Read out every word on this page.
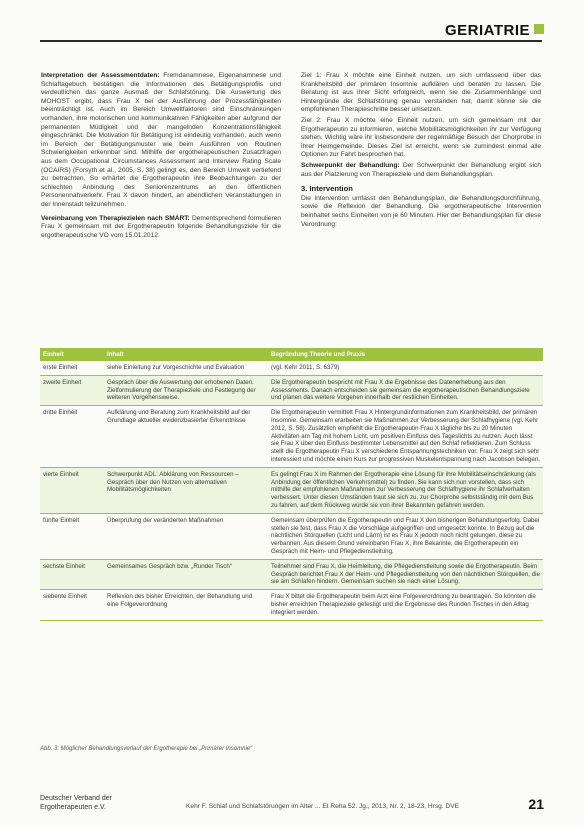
GERIATRIE

Interpretation der Assessmentdaten: Fremdanamnese, Eigenanamnese und Schlaftagebuch bestätigen die Informationen des Betätigungsprofils und verdeutlichen das ganze Ausmaß der Schlafstörung. Die Auswertung des MOHOST ergibt, dass Frau X bei der Ausführung der Prozessfähigkeiten beeinträchtigt ist. Auch im Bereich Umweltfaktoren sind Einschränkungen vorhanden, ihre motorischen und kommunikativen Fähigkeiten aber aufgrund der permanenten Müdigkeit und der mangelnden Konzentrationsfähigkeit eingeschränkt. Die Motivation für Betätigung ist eindeutig vorhanden, auch wenn im Bereich der Betätigungsmuster wie beim Ausführen von Routinen Schwierigkeiten erkennbar sind. Mithilfe der ergotherapeutischen Zusatzfragen aus dem Occupational Circumstances Assessment and Interview Rating Scale (OCAIRS) (Forsyth et al., 2005, S. 38) gelingt es, den Bereich Umwelt vertiefend zu betrachten. So erhärtet die Ergotherapeutin ihre Beobachtungen zu der schlechten Anbindung des Seniorenzentrums an den öffentlichen Personennahverkehr. Frau X davon hindert, an abendlichen Veranstaltungen in der Innenstadt teilzunehmen.

Vereinbarung von Therapiezielen nach SMART: Dementsprechend formulieren Frau X gemeinsam mit der Ergotherapeutin folgende Behandlungsziele für die ergotherapeutische VO vom 15.01.2012:

Ziel 1: Frau X möchte eine Einheit nutzen, um sich umfassend über das Krankheitsbild der primären Insomnie aufklären und beraten zu lassen. Die Beratung ist aus ihrer Sicht erfolgreich, wenn sie die Zusammenhänge und Hintergründe der Schlafstörung genau verstanden hat, damit könne sie die empfohlenen Therapieschritte besser umsetzen.

Ziel 2: Frau X möchte eine Einheit nutzen, um sich gemeinsam mit der Ergotherapeutin zu informieren, welche Mobilitätsmöglichkeiten ihr zur Verfügung stehen. Wichtig wäre ihr insbesondere der regelmäßige Besuch der Chorprobe in ihrer Heimgemeinde. Dieses Ziel ist erreicht, wenn sie zumindest einmal alle Optionen zur Fahrt besprochen hat.

Schwerpunkt der Behandlung: Der Schwerpunkt der Behandlung ergibt sich aus der Platzierung von Therapieziele und dem Behandlungsplan.

3. Intervention

Die Intervention umfasst den Behandlungsplan, die Behandlungsdurchführung, sowie die Reflexion der Behandlung. Die ergotherapeutische Intervention beinhaltet sechs Einheiten von je 60 Minuten. Hier der Behandlungsplan für diese Verordnung:

Einheit	Inhalt	Begründung Theorie und Praxis
erste Einheit	siehe Einleitung zur Vorgeschichte und Evaluation	(vgl. Kehr 2011, S. 6379)
zweite Einheit	Gespräch über die Auswertung der erhobenen Daten. Zielformulierung der Therapieziele und Festlegung der weiteren Vorgehensweise.	Die Ergotherapeutin bespricht mit Frau X die Ergebnisse des Datenerhebung aus den Assessments. Danach entscheiden sie gemeinsam die ergotherapeutischen Behandlungsziele und planen das weitere Vorgehen innerhalb der restlichen Einheiten.
dritte Einheit	Aufklärung und Beratung zum Krankheitsbild auf der Grundlage aktueller evidenzbasierter Erkenntnisse	Die Ergotherapeutin vermittelt Frau X Hintergrundinformationen zum Krankheitsbild, der primären Insomnie. Gemeinsam erarbeiten sie Maßnahmen zur Verbesserung der Schlafhygiene (vgl. Kehr 2012, S. 58). Zusätzlich empfiehlt die Ergotherapeutin Frau X tägliche bis zu 20 Minuten Aktivitäten am Tag mit hohem Licht, um positiven Einfluss des Tageslichts zu nutzen. Auch lässt sie Frau X über den Einfluss bestimmter Lebensmittel auf den Schlaf reflektieren. Zum Schluss stellt die Ergotherapeutin Frau X verschiedene Entspannungstechniken vor. Frau X zeigt sich sehr interessiert und möchte einen Kurs zur progressiven Muskelentspannung nach Jacobson belegen.
vierte Einheit	Schwerpunkt ADL: Abklärung von Ressourcen – Gespräch über den Nutzen von alternativen Mobilitätsmöglichkeiten	Es gelingt Frau X im Rahmen der Ergotherapie eine Lösung für ihre Mobilitätseinschränkung (als Anbindung der öffentlichen Verkehrsmittel) zu finden. Sie kann sich nun vorstellen, dass sich mithilfe der empfohlenen Maßnahmen zur Verbesserung der Schlafhygiene ihr Schlafverhalten verbessert. Unter diesen Umständen traut sie sich zu, zur Chorprobe selbstständig mit dem Bus zu fahren, auf dem Rückweg würde sie von ihrer Bekannten gefahren werden.
fünfte Einheit	Überprüfung der veränderten Maßnahmen	Gemeinsam überprüfen die Ergotherapeutin und Frau X den bisherigen Behandlungserfolg. Dabei stellen sie fest, dass Frau X die Vorschläge aufgegriffen und umgesetzt konnte. In Bezug auf die nächtlichen Störquellen (Licht und Lärm) ist es Frau X jedoch noch nicht gelungen, diese zu verbannen. Aus diesem Grund vereinbaren Frau X, ihre Bekannte, die Ergotherapeutin ein Gespräch mit Heim- und Pflegedienstleitung.
sechste Einheit	Gemeinsames Gespräch bzw. „Runder Tisch“	Teilnehmer sind Frau X, die Heimleitung, die Pflegedienstleitung sowie die Ergotherapeutin. Beim Gespräch berichtet Frau X der Heim- und Pflegedienstleitung von den nächtlichen Störquellen, die sie am Schlafen hindern. Gemeinsam suchen sie nach einer Lösung.
siebente Einheit	Reflexion des bisher Erreichten, der Behandlung und eine Folgeverordnung	Frau X bittet die Ergotherapeutin beim Arzt eine Folgeverordnung zu beantragen. So könnten die bisher erreichten Therapieziele gefestigt und die Ergebnisse des Runden Tisches in den Alltag integriert werden.
Abb. 3: Möglicher Behandlungsverlauf der Ergotherapie bei „Primärer Insomnie“
Deutscher Verband der
Ergotherapeuten e.V.	Kehr F. Schlaf und Schlafstörungen im Alter ... Et Reha 52. Jg., 2013, Nr. 2, 18-23, Hrsg. DVE	21
